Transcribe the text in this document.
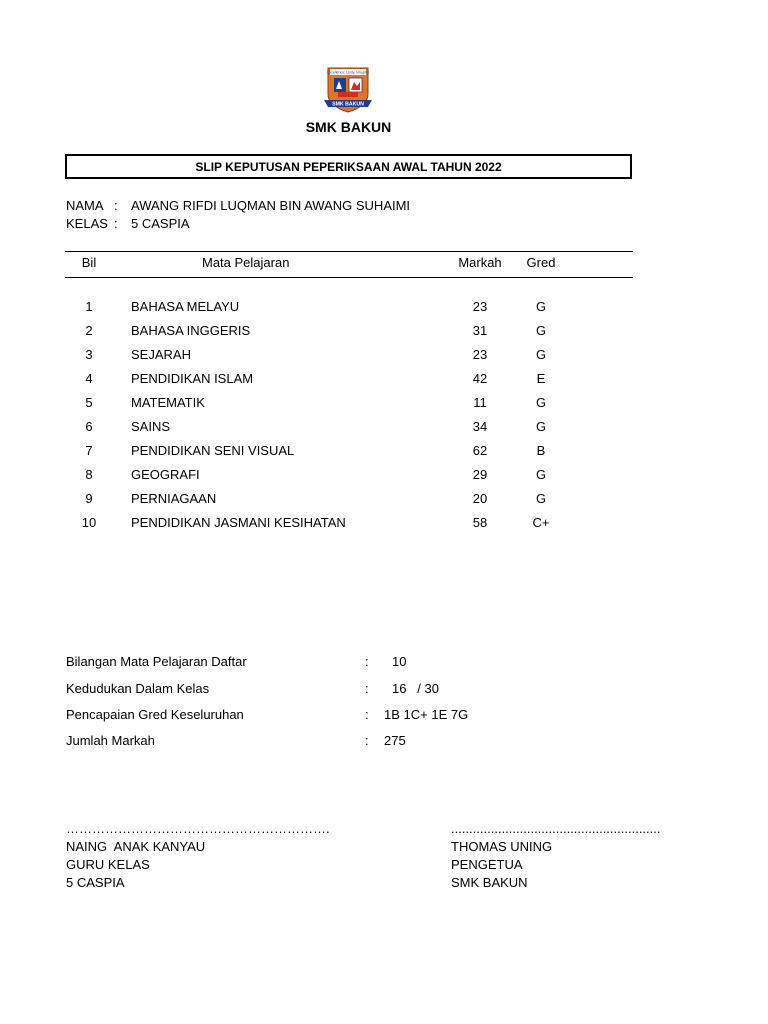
Excellence, Unity, Integrity
SMK BAKUN
SMK BAKUN
SLIP KEPUTUSAN PEPERIKSAAN AWAL TAHUN 2022
NAMA : AWANG RIFDI LUQMAN BIN AWANG SUHAIMI
KELAS : 5 CASPIA
Bil	Mata Pelajaran	Markah	Gred
1	BAHASA MELAYU	23	G
2	BAHASA INGGERIS	31	G
3	SEJARAH	23	G
4	PENDIDIKAN ISLAM	42	E
5	MATEMATIK	11	G
6	SAINS	34	G
7	PENDIDIKAN SENI VISUAL	62	B
8	GEOGRAFI	29	G
9	PERNIAGAAN	20	G
10	PENDIDIKAN JASMANI KESIHATAN	58	C+
Bilangan Mata Pelajaran Daftar	: 10
Kedudukan Dalam Kelas	: 16   / 30
Pencapaian Gred Keseluruhan	: 1B 1C+ 1E 7G
Jumlah Markah	: 275
…………………………………………………….
NAING  ANAK KANYAU
GURU KELAS
5 CASPIA
..........................................................
THOMAS UNING
PENGETUA
SMK BAKUN
